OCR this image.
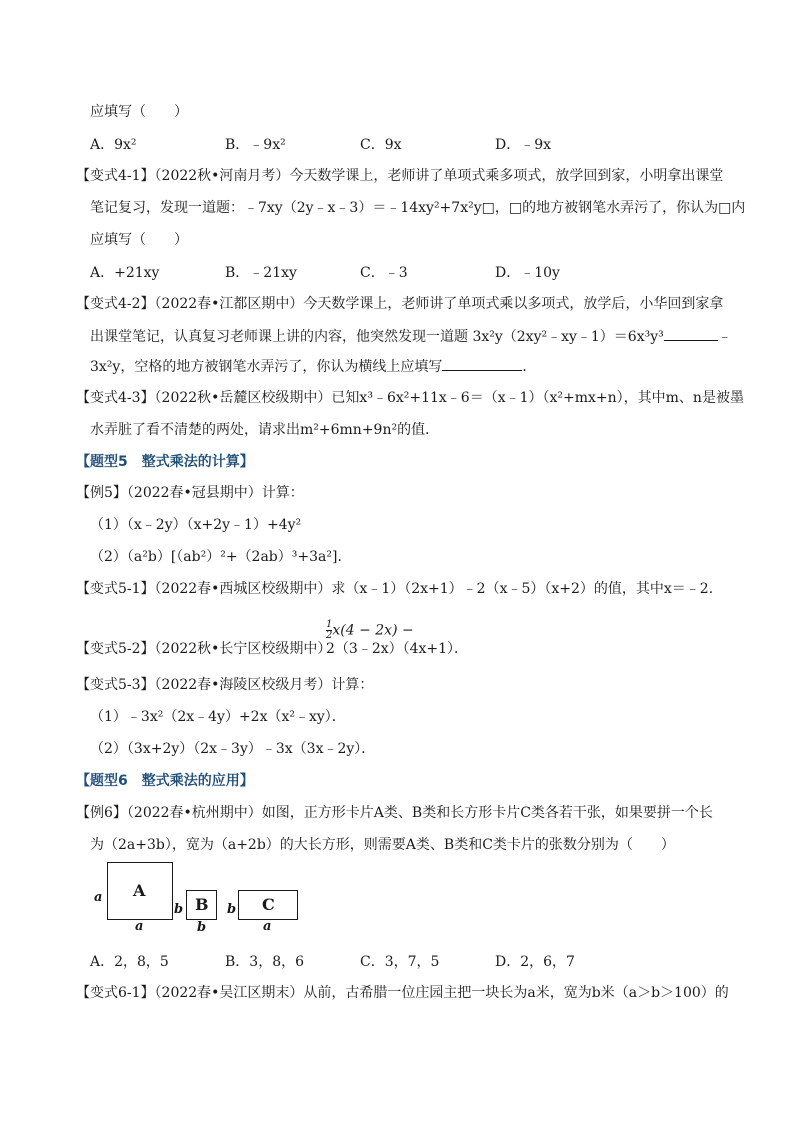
应填写（　　）
A．9x²	B．﹣9x²	C．9x	D．﹣9x
【变式4-1】（2022秋•河南月考）今天数学课上，老师讲了单项式乘多项式，放学回到家，小明拿出课堂
笔记复习，发现一道题：﹣7xy（2y﹣x﹣3）＝﹣14xy²+7x²y□，□的地方被钢笔水弄污了，你认为□内
应填写（　　）
A．+21xy	B．﹣21xy	C．﹣3	D．﹣10y
【变式4-2】（2022春•江都区期中）今天数学课上，老师讲了单项式乘以多项式，放学后，小华回到家拿
出课堂笔记，认真复习老师课上讲的内容，他突然发现一道题 3x²y（2xy²﹣xy﹣1）＝6x³y³	﹣
3x²y，空格的地方被钢笔水弄污了，你认为横线上应填写	．
【变式4-3】（2022秋•岳麓区校级期中）已知x³﹣6x²+11x﹣6＝（x﹣1）（x²+mx+n），其中m、n是被墨
水弄脏了看不清楚的两处，请求出m²+6mn+9n²的值．
【题型5　整式乘法的计算】
【例5】（2022春•冠县期中）计算：
（1）（x﹣2y）（x+2y﹣1）+4y²
（2）（a²b）[（ab²）²+（2ab）³+3a²]．
【变式5-1】（2022春•西城区校级期中）求（x﹣1）（2x+1）﹣2（x﹣5）（x+2）的值，其中x＝﹣2．
【变式5-2】（2022秋•长宁区校级期中）
$\frac{1}{2} x(4 - 2x)$ −
2（3﹣2x）（4x+1）．
【变式5-3】（2022春•海陵区校级月考）计算：
（1）﹣3x²（2x﹣4y）+2x（x²﹣xy）．
（2）（3x+2y）（2x﹣3y）﹣3x（3x﹣2y）．
【题型6　整式乘法的应用】
【例6】（2022春•杭州期中）如图，正方形卡片A类、B类和长方形卡片C类各若干张，如果要拼一个长
为（2a+3b），宽为（a+2b）的大长方形，则需要A类、B类和C类卡片的张数分别为（　　）
a A
a
b B
b
b C
a
A．2，8，5	B．3，8，6	C．3，7，5	D．2，6，7
【变式6-1】（2022春•吴江区期末）从前，古希腊一位庄园主把一块长为a米，宽为b米（a＞b＞100）的
